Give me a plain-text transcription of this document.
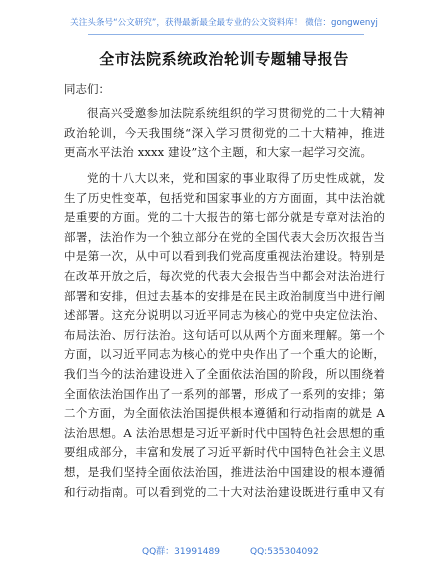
关注头条号“公文研究”，获得最新最全最专业的公文资料库！ 微信：gongwenyj
全市法院系统政治轮训专题辅导报告
同志们：
很高兴受邀参加法院系统组织的学习贯彻党的二十大精神
政治轮训，今天我围绕“深入学习贯彻党的二十大精神，推进
更高水平法治 xxxx 建设”这个主题，和大家一起学习交流。
党的十八大以来，党和国家的事业取得了历史性成就，发
生了历史性变革，包括党和国家事业的方方面面，其中法治就
是重要的方面。党的二十大报告的第七部分就是专章对法治的
部署，法治作为一个独立部分在党的全国代表大会历次报告当
中是第一次，从中可以看到我们党高度重视法治建设。特别是
在改革开放之后，每次党的代表大会报告当中都会对法治进行
部署和安排，但过去基本的安排是在民主政治制度当中进行阐
述部署。这充分说明以习近平同志为核心的党中央定位法治、
布局法治、厉行法治。这句话可以从两个方面来理解。第一个
方面，以习近平同志为核心的党中央作出了一个重大的论断，
我们当今的法治建设进入了全面依法治国的阶段，所以围绕着
全面依法治国作出了一系列的部署，形成了一系列的安排；第
二个方面，为全面依法治国提供根本遵循和行动指南的就是 A
法治思想。A 法治思想是习近平新时代中国特色社会思想的重
要组成部分，丰富和发展了习近平新时代中国特色社会主义思
想，是我们坚持全面依法治国，推进法治中国建设的根本遵循
和行动指南。可以看到党的二十大对法治建设既进行重申又有
QQ群：31991489	QQ:535304092
